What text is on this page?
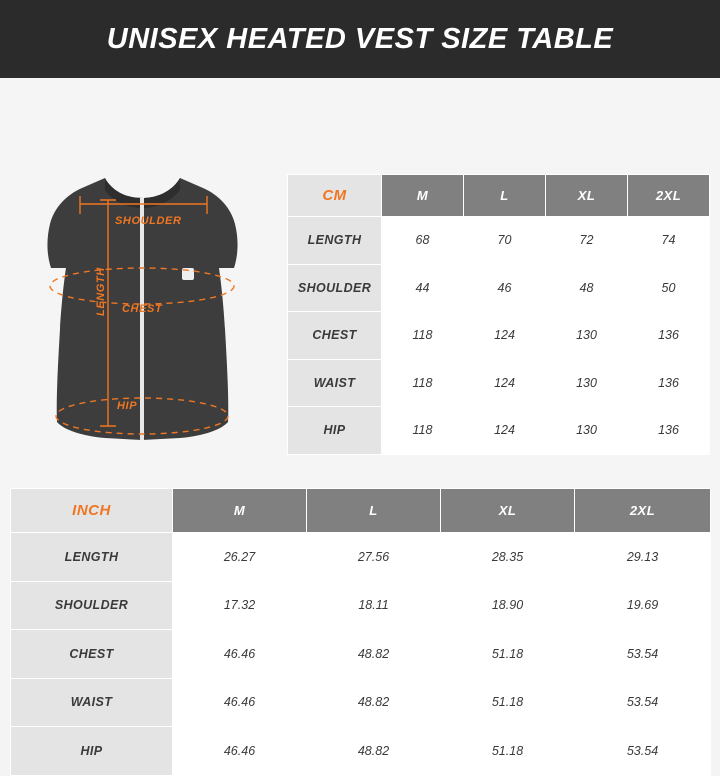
UNISEX HEATED VEST SIZE TABLE
SHOULDER
CHEST
HIP
LENGTH
CM	M	L	XL	2XL
LENGTH	68	70	72	74
SHOULDER	44	46	48	50
CHEST	118	124	130	136
WAIST	118	124	130	136
HIP	118	124	130	136
INCH	M	L	XL	2XL
LENGTH	26.27	27.56	28.35	29.13
SHOULDER	17.32	18.11	18.90	19.69
CHEST	46.46	48.82	51.18	53.54
WAIST	46.46	48.82	51.18	53.54
HIP	46.46	48.82	51.18	53.54
